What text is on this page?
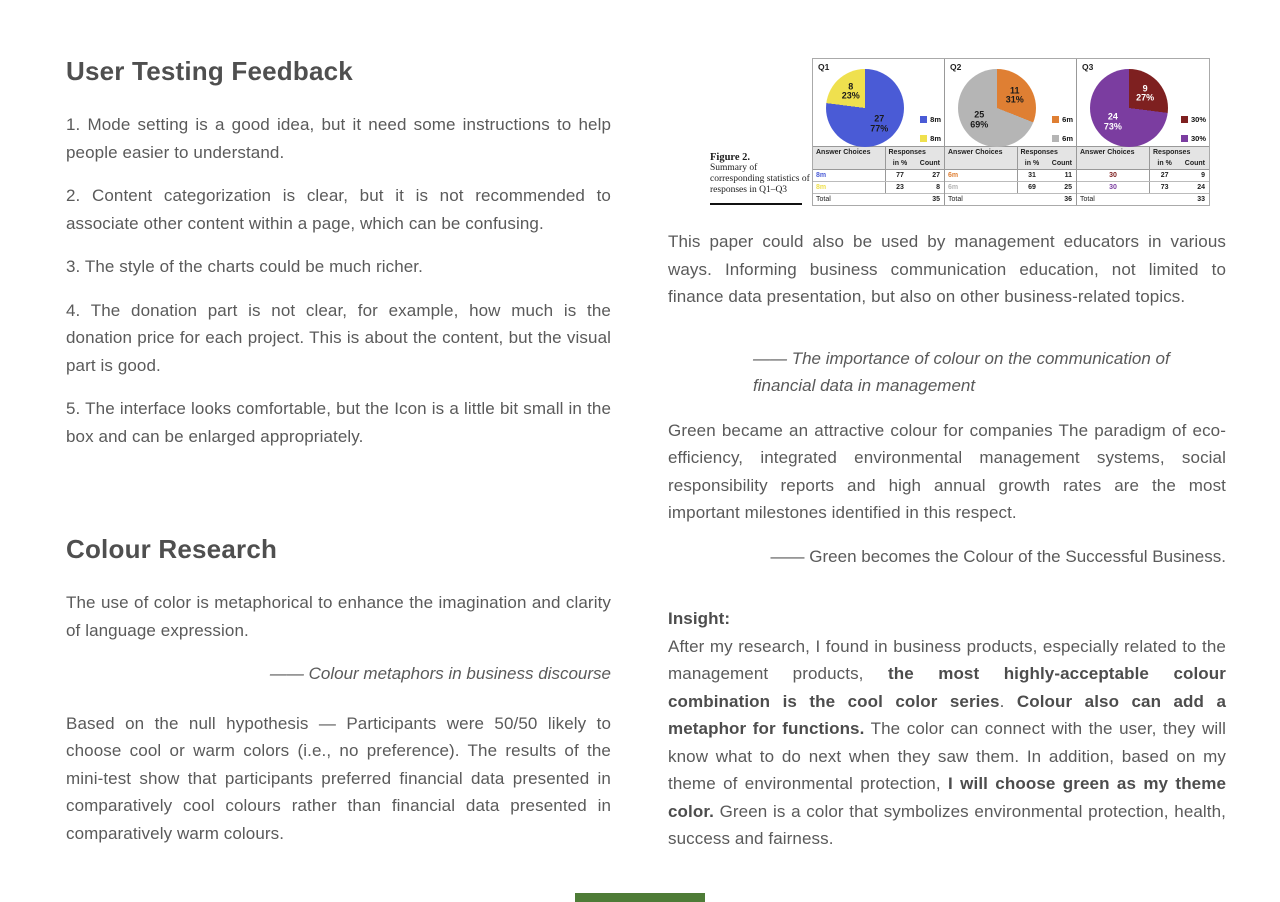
User Testing Feedback

1. Mode setting is a good idea, but it need some instructions to help people easier to understand.

2. Content categorization is clear, but it is not recommended to associate other content within a page, which can be confusing.

3. The style of the charts could be much richer.

4. The donation part is not clear, for example, how much is the donation price for each project. This is about the content, but the visual part is good.

5. The interface looks comfortable, but the Icon is a little bit small in the box and can be enlarged appropriately.

Colour Research

The use of color is metaphorical to enhance the imagination and clarity of language expression.

—— Colour metaphors in business discourse

Based on the null hypothesis — Participants were 50/50 likely to choose cool or warm colors (i.e., no preference). The results of the mini-test show that participants preferred financial data presented in comparatively cool colours rather than financial data presented in comparatively warm colours.

Figure 2.
Summary of corresponding statistics of responses in Q1–Q3
Q1
27
77%
8
23%
8m
8m
Answer Choices	Responses	
	in %	Count
8m	77	27
8m	23	8
Total		35
Q2
11
31%
25
69%	6m
6m
Answer Choices	Responses	
	in %	Count
6m	31	11
6m	69	25
Total		36
Q3
9
27%
24
73%
30%
30%
Answer Choices	Responses	
	in %	Count
30	27	9
30	73	24
Total		33

This paper could also be used by management educators in various ways. Informing business communication education, not limited to finance data presentation, but also on other business-related topics.

—— The importance of colour on the communication of
financial data in management

Green became an attractive colour for companies The paradigm of eco-efficiency, integrated environmental management systems, social responsibility reports and high annual growth rates are the most important milestones identified in this respect.

—— Green becomes the Colour of the Successful Business.

Insight:
After my research, I found in business products, especially related to the management products, the most highly-acceptable colour combination is the cool color series. Colour also can add a metaphor for functions. The color can connect with the user, they will know what to do next when they saw them. In addition, based on my theme of environmental protection, I will choose green as my theme color. Green is a color that symbolizes environmental protection, health, success and fairness.
